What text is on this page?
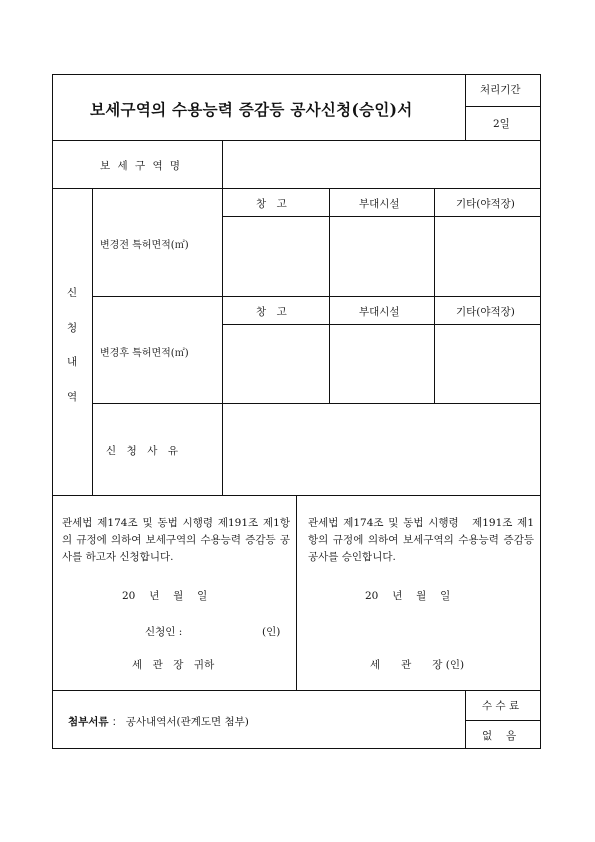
보세구역의 수용능력 증감등 공사신청(승인)서
처리기간
2일
보 세 구 역 명
신
청
내
역
변경전 특허면적(㎡)
창　고	부대시설	기타(야적장)
변경후 특허면적(㎡)
창　고	부대시설	기타(야적장)
신　청　사　유
관세법 제174조 및 동법 시행령 제191조 제1항의 규정에 의하여 보세구역의 수용능력 증감등 공사를 하고자 신청합니다.
20　 년　 월　 일
신청인 :	(인)
세　관　장　귀하
관세법 제174조 및 동법 시행령　제191조 제1항의 규정에 의하여 보세구역의 수용능력 증감등 공사를 승인합니다.
20　 년　 월　 일
세　　관　　장 (인)
첨부서류 ： 공사내역서(관계도면 첨부)
수 수 료
없　 음
